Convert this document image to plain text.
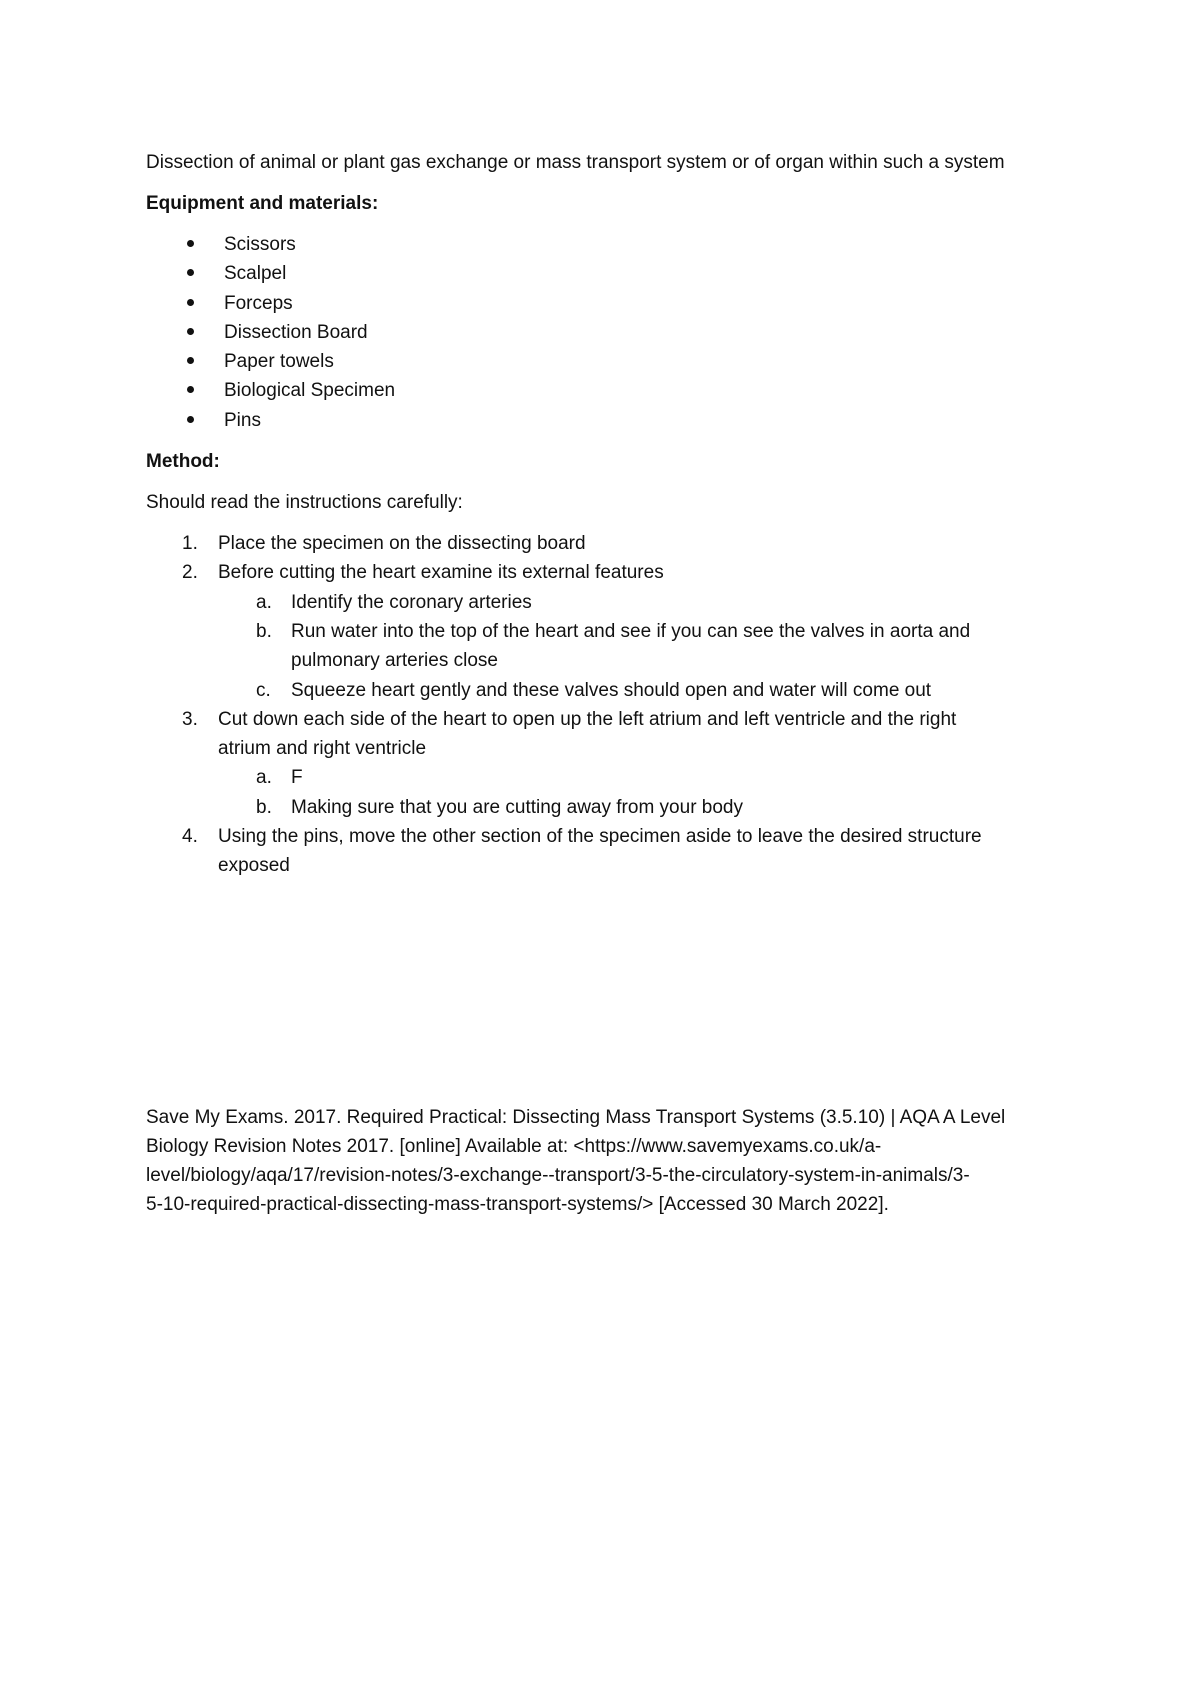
Dissection of animal or plant gas exchange or mass transport system or of organ within such a system

Equipment and materials:

Scissors
Scalpel
Forceps
Dissection Board
Paper towels
Biological Specimen
Pins

Method:

Should read the instructions carefully:

1. Place the specimen on the dissecting board
2. Before cutting the heart examine its external features
a. Identify the coronary arteries
b. Run water into the top of the heart and see if you can see the valves in aorta and
pulmonary arteries close
c. Squeeze heart gently and these valves should open and water will come out
3. Cut down each side of the heart to open up the left atrium and left ventricle and the right
atrium and right ventricle
a. F
b. Making sure that you are cutting away from your body
4. Using the pins, move the other section of the specimen aside to leave the desired structure
exposed
Save My Exams. 2017. Required Practical: Dissecting Mass Transport Systems (3.5.10) | AQA A Level
Biology Revision Notes 2017. [online] Available at: <https://www.savemyexams.co.uk/a-
level/biology/aqa/17/revision-notes/3-exchange--transport/3-5-the-circulatory-system-in-animals/3-
5-10-required-practical-dissecting-mass-transport-systems/> [Accessed 30 March 2022].
